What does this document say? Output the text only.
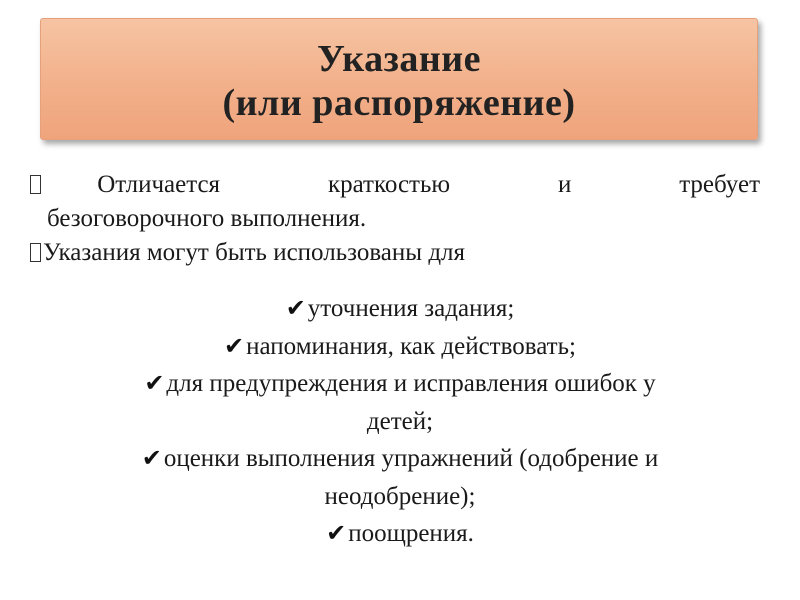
Указание
(или распоряжение)
Отличается	краткостью	и	требует
безоговорочного выполнения.
Указания могут быть использованы для
✔уточнения задания;
✔напоминания, как действовать;
✔для предупреждения и исправления ошибок у
детей;
✔оценки выполнения упражнений (одобрение и
неодобрение);
✔поощрения.
